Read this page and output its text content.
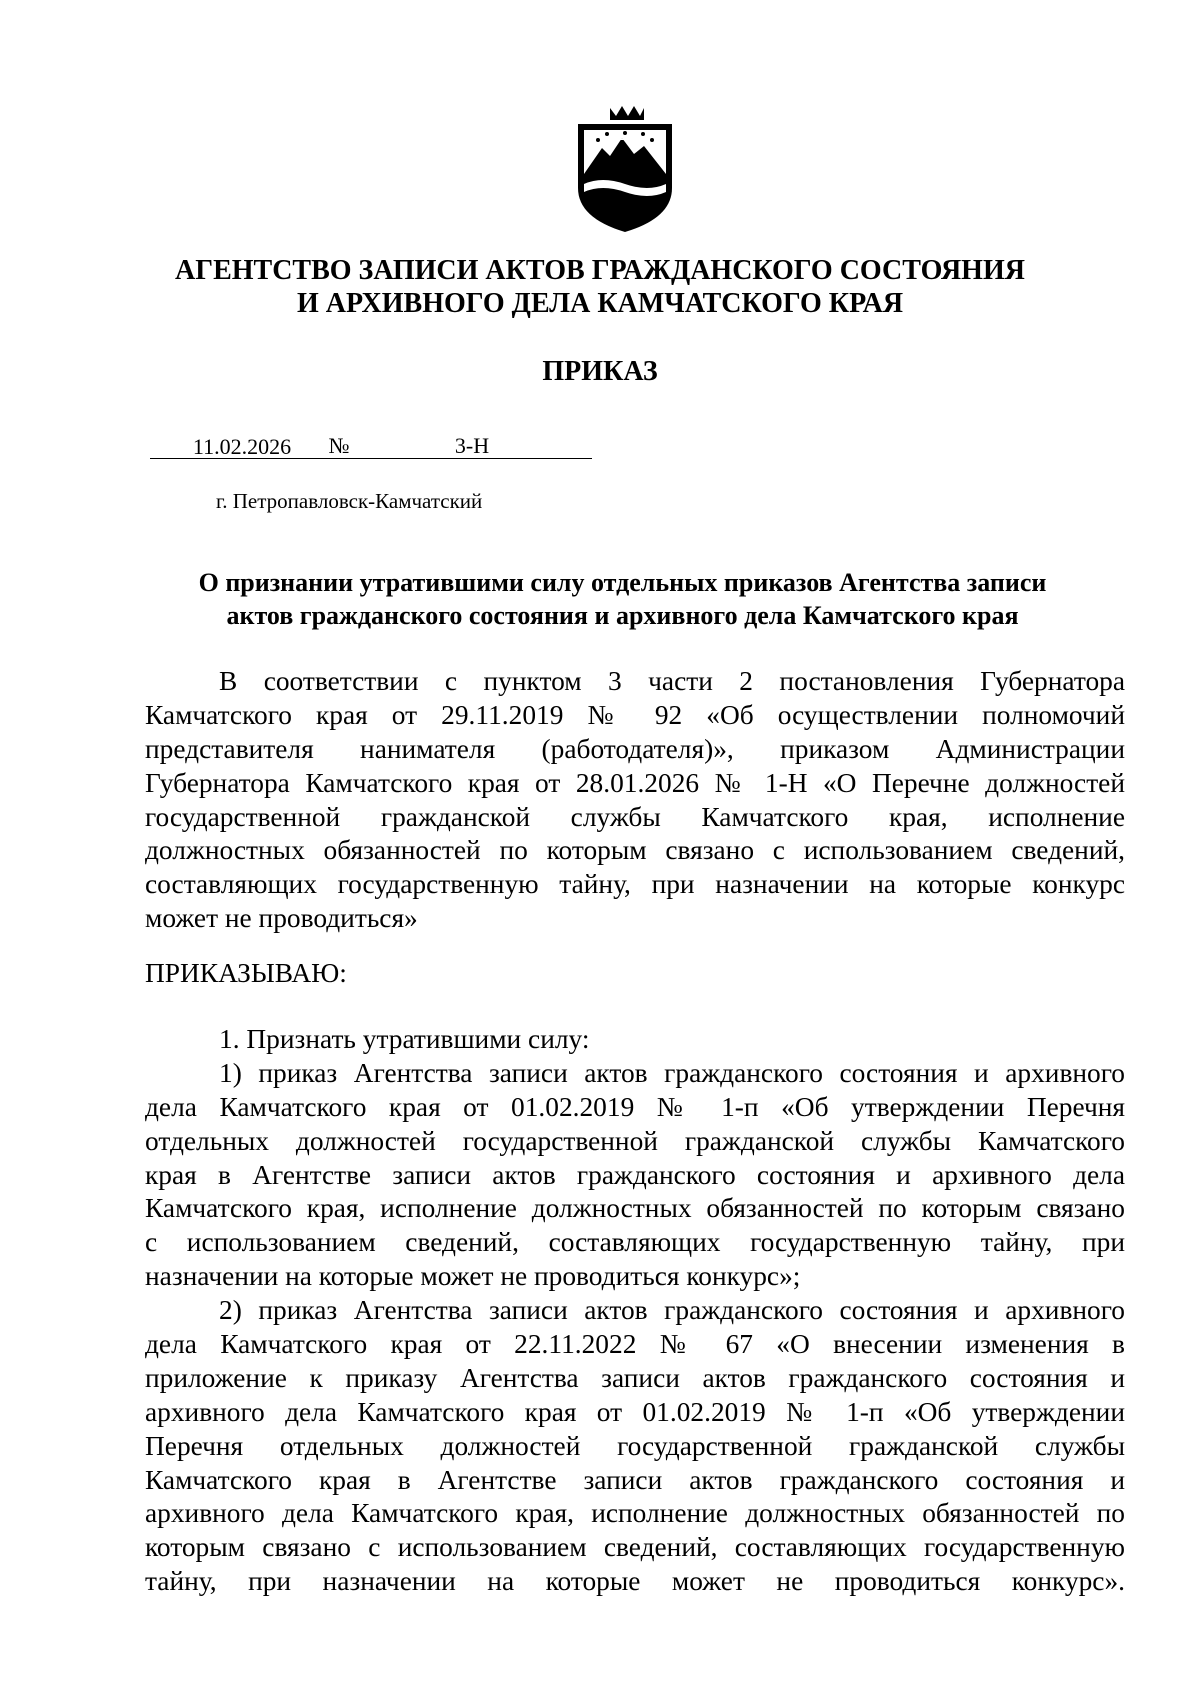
АГЕНТСТВО ЗАПИСИ АКТОВ ГРАЖДАНСКОГО СОСТОЯНИЯ
И АРХИВНОГО ДЕЛА КАМЧАТСКОГО КРАЯ
ПРИКАЗ
11.02.2026 №	3-Н
г. Петропавловск-Камчатский
О признании утратившими силу отдельных приказов Агентства записи
актов гражданского состояния и архивного дела Камчатского края
В соответствии с пунктом 3 части 2 постановления Губернатора
Камчатского края от 29.11.2019 № 92 «Об осуществлении полномочий
представителя нанимателя (работодателя)», приказом Администрации
Губернатора Камчатского края от 28.01.2026 № 1-Н «О Перечне должностей
государственной гражданской службы Камчатского края, исполнение
должностных обязанностей по которым связано с использованием сведений,
составляющих государственную тайну, при назначении на которые конкурс
может не проводиться»
ПРИКАЗЫВАЮ:
1. Признать утратившими силу:
1) приказ Агентства записи актов гражданского состояния и архивного
дела Камчатского края от 01.02.2019 № 1-п «Об утверждении Перечня
отдельных должностей государственной гражданской службы Камчатского
края в Агентстве записи актов гражданского состояния и архивного дела
Камчатского края, исполнение должностных обязанностей по которым связано
с использованием сведений, составляющих государственную тайну, при
назначении на которые может не проводиться конкурс»;
2) приказ Агентства записи актов гражданского состояния и архивного
дела Камчатского края от 22.11.2022 № 67 «О внесении изменения в
приложение к приказу Агентства записи актов гражданского состояния и
архивного дела Камчатского края от 01.02.2019 № 1-п «Об утверждении
Перечня отдельных должностей государственной гражданской службы
Камчатского края в Агентстве записи актов гражданского состояния и
архивного дела Камчатского края, исполнение должностных обязанностей по
которым связано с использованием сведений, составляющих государственную
тайну, при назначении на которые может не проводиться конкурс».
